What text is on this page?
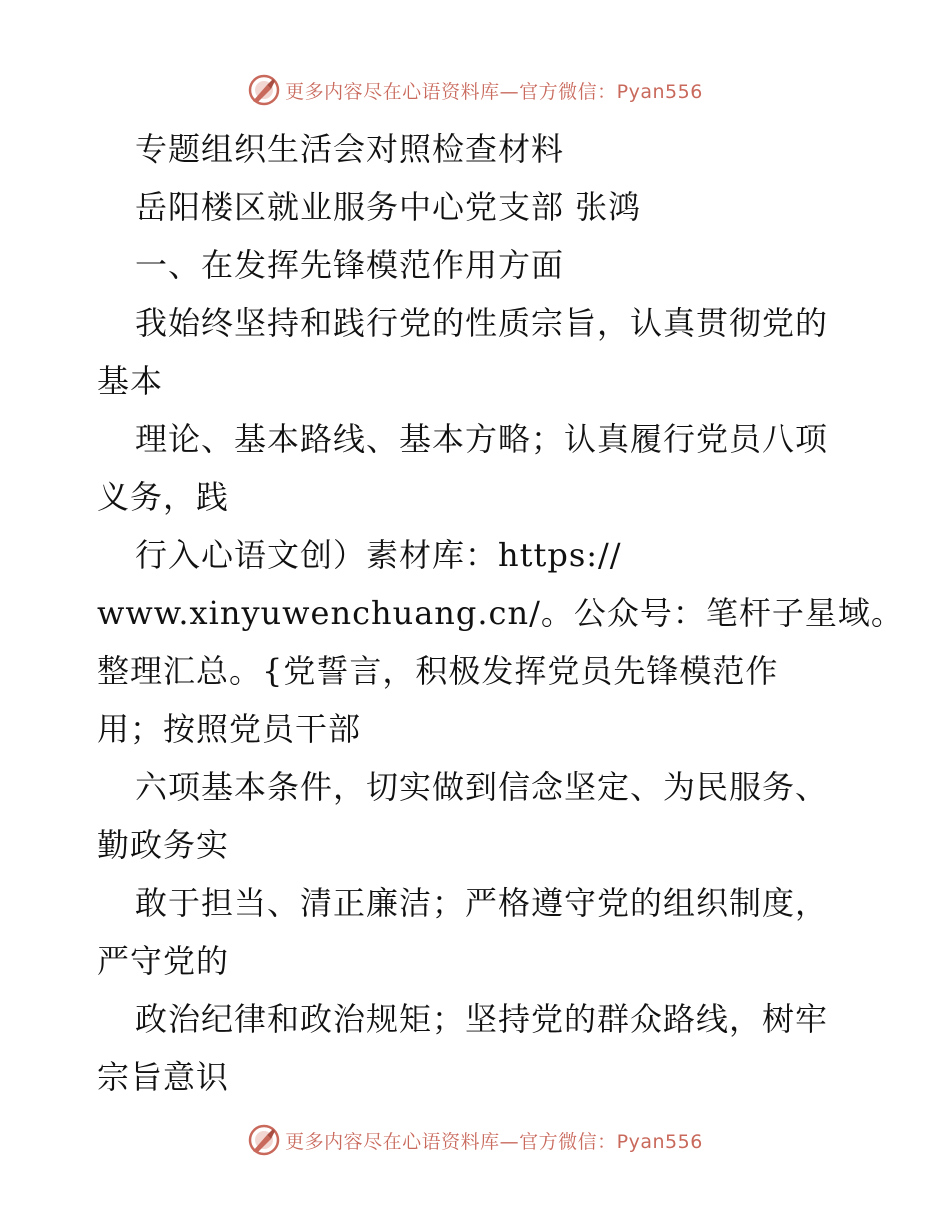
更多内容尽在心语资料库—官方微信：Pyan556

专题组织生活会对照检查材料

岳阳楼区就业服务中心党支部 张鸿

一、在发挥先锋模范作用方面

我始终坚持和践行党的性质宗旨，认真贯彻党的

基本

理论、基本路线、基本方略；认真履行党员八项

义务，践

行入心语文创）素材库：https://

www.xinyuwenchuang.cn/。公众号：笔杆子星域。

整理汇总。{党誓言，积极发挥党员先锋模范作

用；按照党员干部

六项基本条件，切实做到信念坚定、为民服务、

勤政务实

敢于担当、清正廉洁；严格遵守党的组织制度，

严守党的

政治纪律和政治规矩；坚持党的群众路线，树牢

宗旨意识

更多内容尽在心语资料库—官方微信：Pyan556
